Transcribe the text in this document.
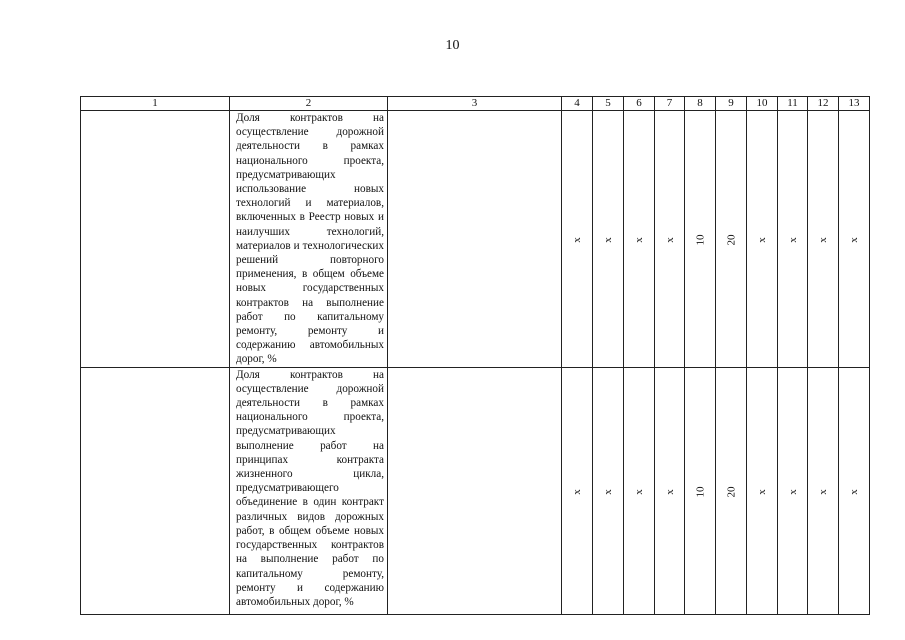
10
1	2	3	4	5	6	7	8	9	10	11	12	13
	Доля контрактов на осуществление дорожной деятельности в рамках национального проекта, предусматривающих использование новых технологий и материалов, включенных в Реестр новых и наилучших технологий, материалов и технологических решений повторного применения, в общем объеме новых государственных контрактов на выполнение работ по капитальному ремонту, ремонту и содержанию автомобильных дорог, %		x	x	x	x	10	20	x	x	x	x
	Доля контрактов на осуществление дорожной деятельности в рамках национального проекта, предусматривающих выполнение работ на принципах контракта жизненного цикла, предусматривающего объединение в один контракт различных видов дорожных работ, в общем объеме новых государственных контрактов на выполнение работ по капитальному ремонту, ремонту и содержанию автомобильных дорог, %		x	x	x	x	10	20	x	x	x	x
